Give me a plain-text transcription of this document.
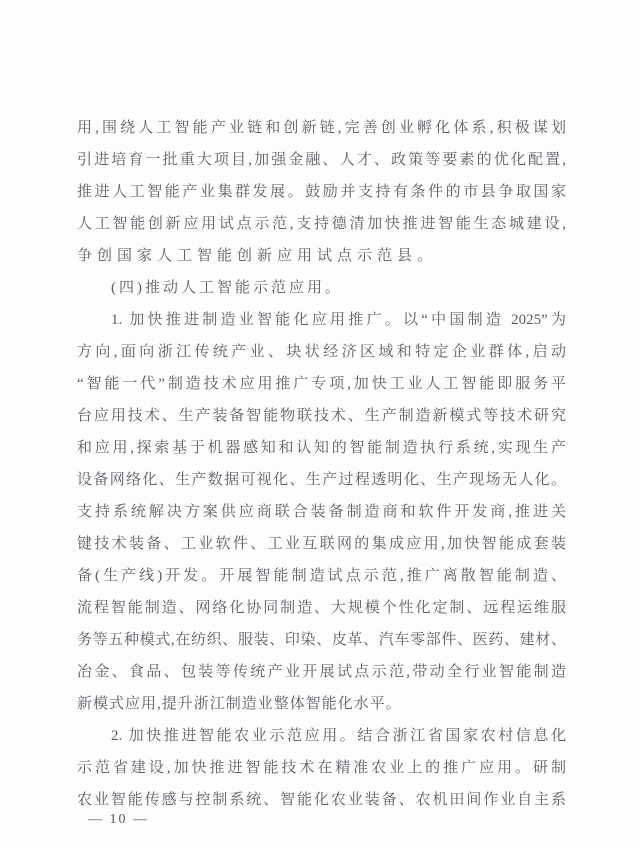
用,围绕人工智能产业链和创新链,完善创业孵化体系,积极谋划
引进培育一批重大项目,加强金融、人才、政策等要素的优化配置,
推进人工智能产业集群发展。鼓励并支持有条件的市县争取国家
人工智能创新应用试点示范,支持德清加快推进智能生态城建设,
争创国家人工智能创新应用试点示范县。
(四)推动人工智能示范应用。
1. 加快推进制造业智能化应用推广。以“中国制造 2025”为
方向,面向浙江传统产业、块状经济区域和特定企业群体,启动
“智能一代”制造技术应用推广专项,加快工业人工智能即服务平
台应用技术、生产装备智能物联技术、生产制造新模式等技术研究
和应用,探索基于机器感知和认知的智能制造执行系统,实现生产
设备网络化、生产数据可视化、生产过程透明化、生产现场无人化。
支持系统解决方案供应商联合装备制造商和软件开发商,推进关
键技术装备、工业软件、工业互联网的集成应用,加快智能成套装
备(生产线)开发。开展智能制造试点示范,推广离散智能制造、
流程智能制造、网络化协同制造、大规模个性化定制、远程运维服
务等五种模式,在纺织、服装、印染、皮革、汽车零部件、医药、建材、
冶金、食品、包装等传统产业开展试点示范,带动全行业智能制造
新模式应用,提升浙江制造业整体智能化水平。
2. 加快推进智能农业示范应用。结合浙江省国家农村信息化
示范省建设,加快推进智能技术在精准农业上的推广应用。研制
农业智能传感与控制系统、智能化农业装备、农机田间作业自主系
— 10 —
